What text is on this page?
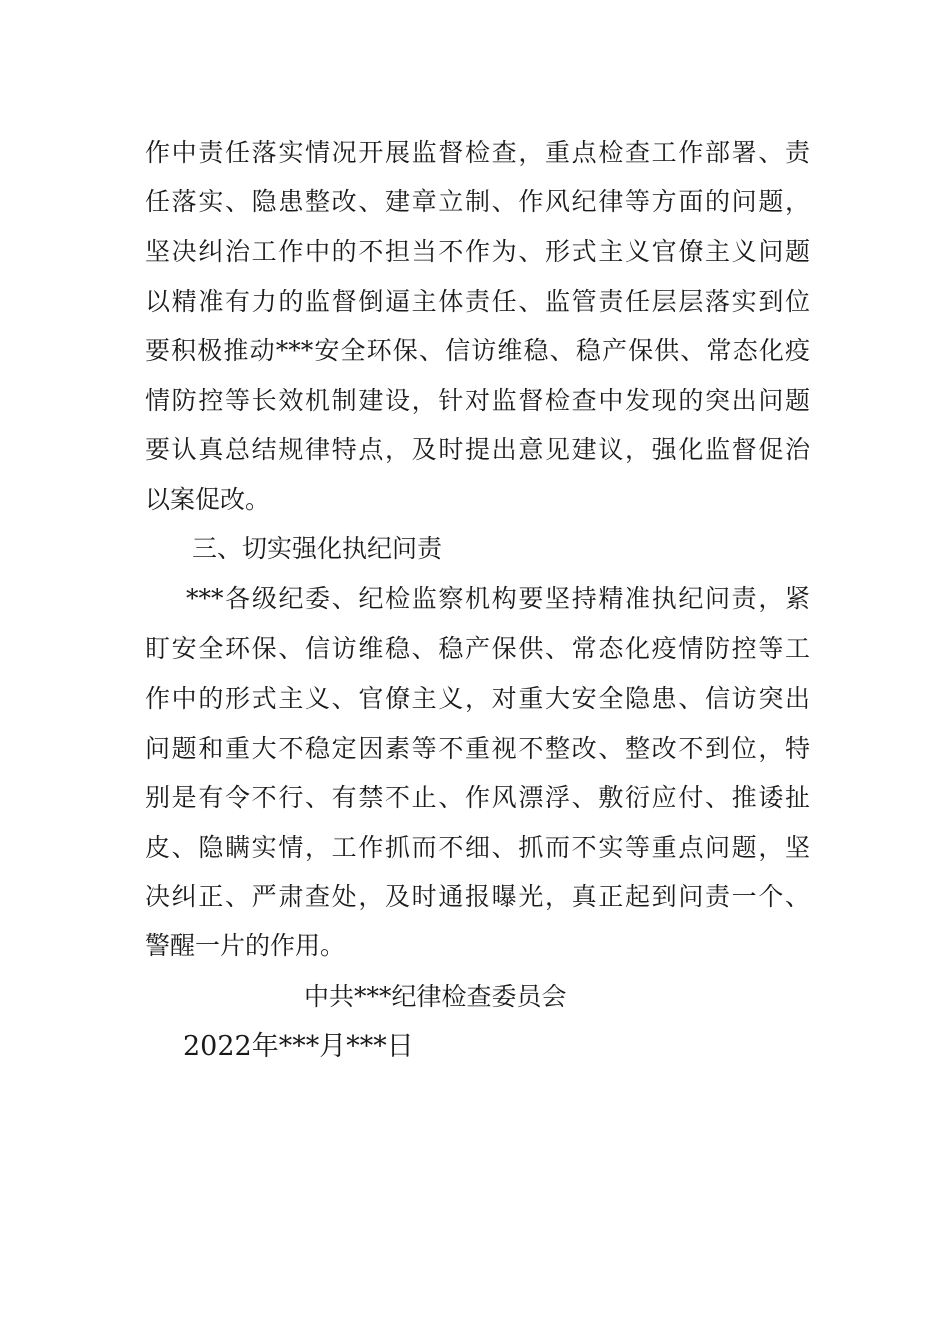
作中责任落实情况开展监督检查，重点检查工作部署、责
任落实、隐患整改、建章立制、作风纪律等方面的问题，
坚决纠治工作中的不担当不作为、形式主义官僚主义问题
以精准有力的监督倒逼主体责任、监管责任层层落实到位
要积极推动***安全环保、信访维稳、稳产保供、常态化疫
情防控等长效机制建设，针对监督检查中发现的突出问题
要认真总结规律特点，及时提出意见建议，强化监督促治
以案促改。
三、切实强化执纪问责
***各级纪委、纪检监察机构要坚持精准执纪问责，紧
盯安全环保、信访维稳、稳产保供、常态化疫情防控等工
作中的形式主义、官僚主义，对重大安全隐患、信访突出
问题和重大不稳定因素等不重视不整改、整改不到位，特
别是有令不行、有禁不止、作风漂浮、敷衍应付、推诿扯
皮、隐瞒实情，工作抓而不细、抓而不实等重点问题，坚
决纠正、严肃查处，及时通报曝光，真正起到问责一个、
警醒一片的作用。
中共***纪律检查委员会
2022年***月***日
